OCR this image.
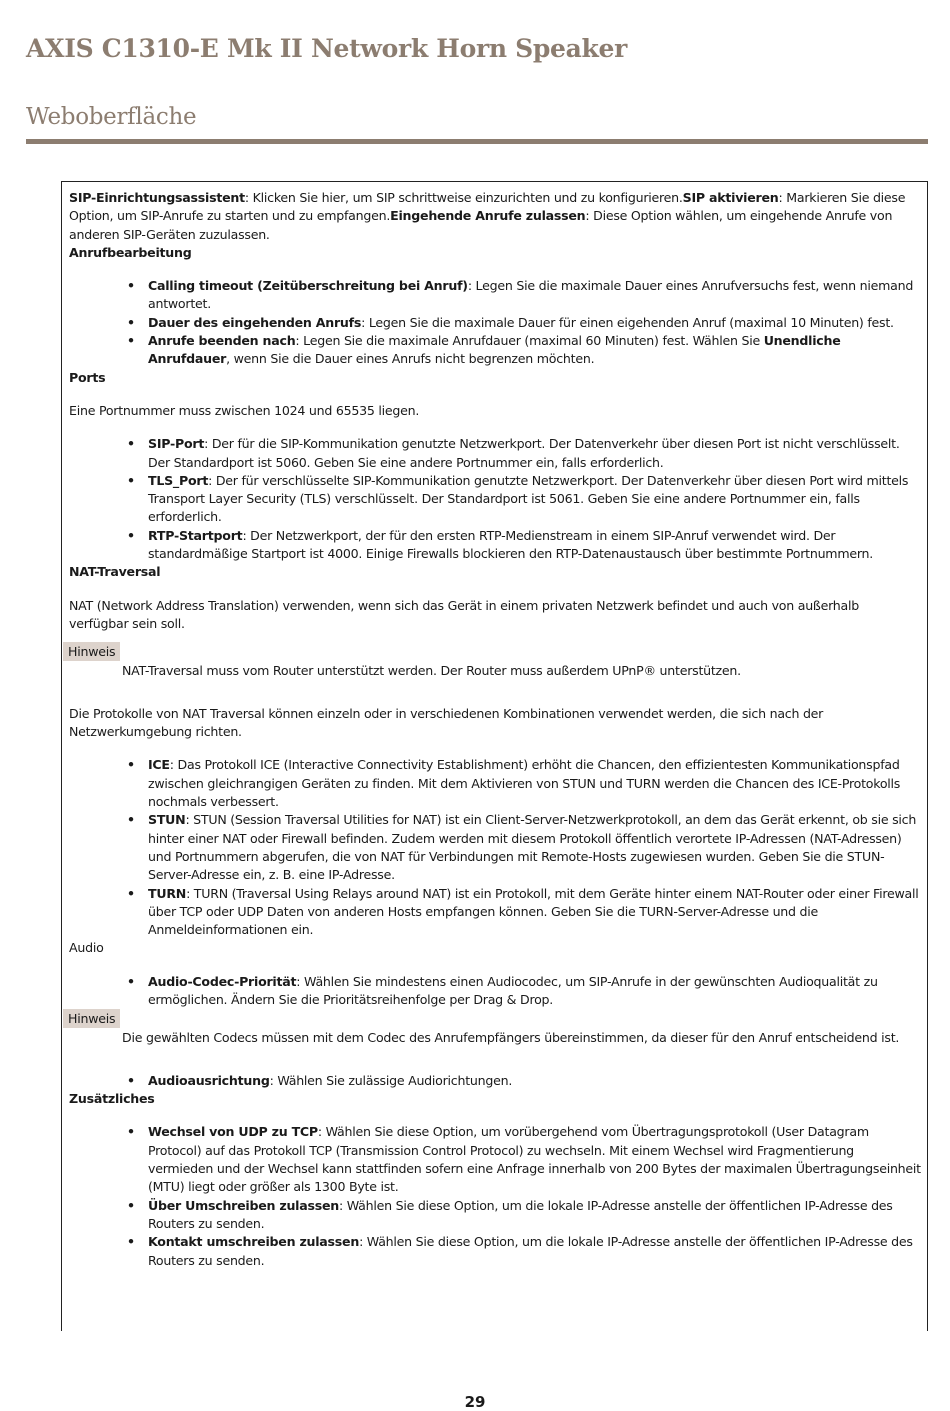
AXIS C1310-E Mk II Network Horn Speaker
Weboberfläche

SIP-Einrichtungsassistent: Klicken Sie hier, um SIP schrittweise einzurichten und zu konfigurieren.SIP aktivieren: Markieren Sie diese Option, um SIP-Anrufe zu starten und zu empfangen.Eingehende Anrufe zulassen: Diese Option wählen, um eingehende Anrufe von anderen SIP-Geräten zuzulassen.

Anrufbearbeitung

• Calling timeout (Zeitüberschreitung bei Anruf): Legen Sie die maximale Dauer eines Anrufversuchs fest, wenn niemand antwortet.
• Dauer des eingehenden Anrufs: Legen Sie die maximale Dauer für einen eigehenden Anruf (maximal 10 Minuten) fest.
• Anrufe beenden nach: Legen Sie die maximale Anrufdauer (maximal 60 Minuten) fest. Wählen Sie Unendliche Anrufdauer, wenn Sie die Dauer eines Anrufs nicht begrenzen möchten.

Ports

Eine Portnummer muss zwischen 1024 und 65535 liegen.

• SIP-Port: Der für die SIP-Kommunikation genutzte Netzwerkport. Der Datenverkehr über diesen Port ist nicht verschlüsselt. Der Standardport ist 5060. Geben Sie eine andere Portnummer ein, falls erforderlich.
• TLS_Port: Der für verschlüsselte SIP-Kommunikation genutzte Netzwerkport. Der Datenverkehr über diesen Port wird mittels Transport Layer Security (TLS) verschlüsselt. Der Standardport ist 5061. Geben Sie eine andere Portnummer ein, falls erforderlich.
• RTP-Startport: Der Netzwerkport, der für den ersten RTP-Medienstream in einem SIP-Anruf verwendet wird. Der standardmäßige Startport ist 4000. Einige Firewalls blockieren den RTP-Datenaustausch über bestimmte Portnummern.

NAT-Traversal

NAT (Network Address Translation) verwenden, wenn sich das Gerät in einem privaten Netzwerk befindet und auch von außerhalb verfügbar sein soll.

Hinweis

NAT-Traversal muss vom Router unterstützt werden. Der Router muss außerdem UPnP® unterstützen.

Die Protokolle von NAT Traversal können einzeln oder in verschiedenen Kombinationen verwendet werden, die sich nach der Netzwerkumgebung richten.

• ICE: Das Protokoll ICE (Interactive Connectivity Establishment) erhöht die Chancen, den effizientesten Kommunikationspfad zwischen gleichrangigen Geräten zu finden. Mit dem Aktivieren von STUN und TURN werden die Chancen des ICE-Protokolls nochmals verbessert.
• STUN: STUN (Session Traversal Utilities for NAT) ist ein Client-Server-Netzwerkprotokoll, an dem das Gerät erkennt, ob sie sich hinter einer NAT oder Firewall befinden. Zudem werden mit diesem Protokoll öffentlich verortete IP-Adressen (NAT-Adressen) und Portnummern abgerufen, die von NAT für Verbindungen mit Remote-Hosts zugewiesen wurden. Geben Sie die STUN-Server-Adresse ein, z. B. eine IP-Adresse.
• TURN: TURN (Traversal Using Relays around NAT) ist ein Protokoll, mit dem Geräte hinter einem NAT-Router oder einer Firewall über TCP oder UDP Daten von anderen Hosts empfangen können. Geben Sie die TURN-Server-Adresse und die Anmeldeinformationen ein.

Audio

• Audio-Codec-Priorität: Wählen Sie mindestens einen Audiocodec, um SIP-Anrufe in der gewünschten Audioqualität zu ermöglichen. Ändern Sie die Prioritätsreihenfolge per Drag & Drop.

Hinweis

Die gewählten Codecs müssen mit dem Codec des Anrufempfängers übereinstimmen, da dieser für den Anruf entscheidend ist.

• Audioausrichtung: Wählen Sie zulässige Audiorichtungen.

Zusätzliches

• Wechsel von UDP zu TCP: Wählen Sie diese Option, um vorübergehend vom Übertragungsprotokoll (User Datagram Protocol) auf das Protokoll TCP (Transmission Control Protocol) zu wechseln. Mit einem Wechsel wird Fragmentierung vermieden und der Wechsel kann stattfinden sofern eine Anfrage innerhalb von 200 Bytes der maximalen Übertragungseinheit (MTU) liegt oder größer als 1300 Byte ist.
• Über Umschreiben zulassen: Wählen Sie diese Option, um die lokale IP-Adresse anstelle der öffentlichen IP-Adresse des Routers zu senden.
• Kontakt umschreiben zulassen: Wählen Sie diese Option, um die lokale IP-Adresse anstelle der öffentlichen IP-Adresse des Routers zu senden.
29
